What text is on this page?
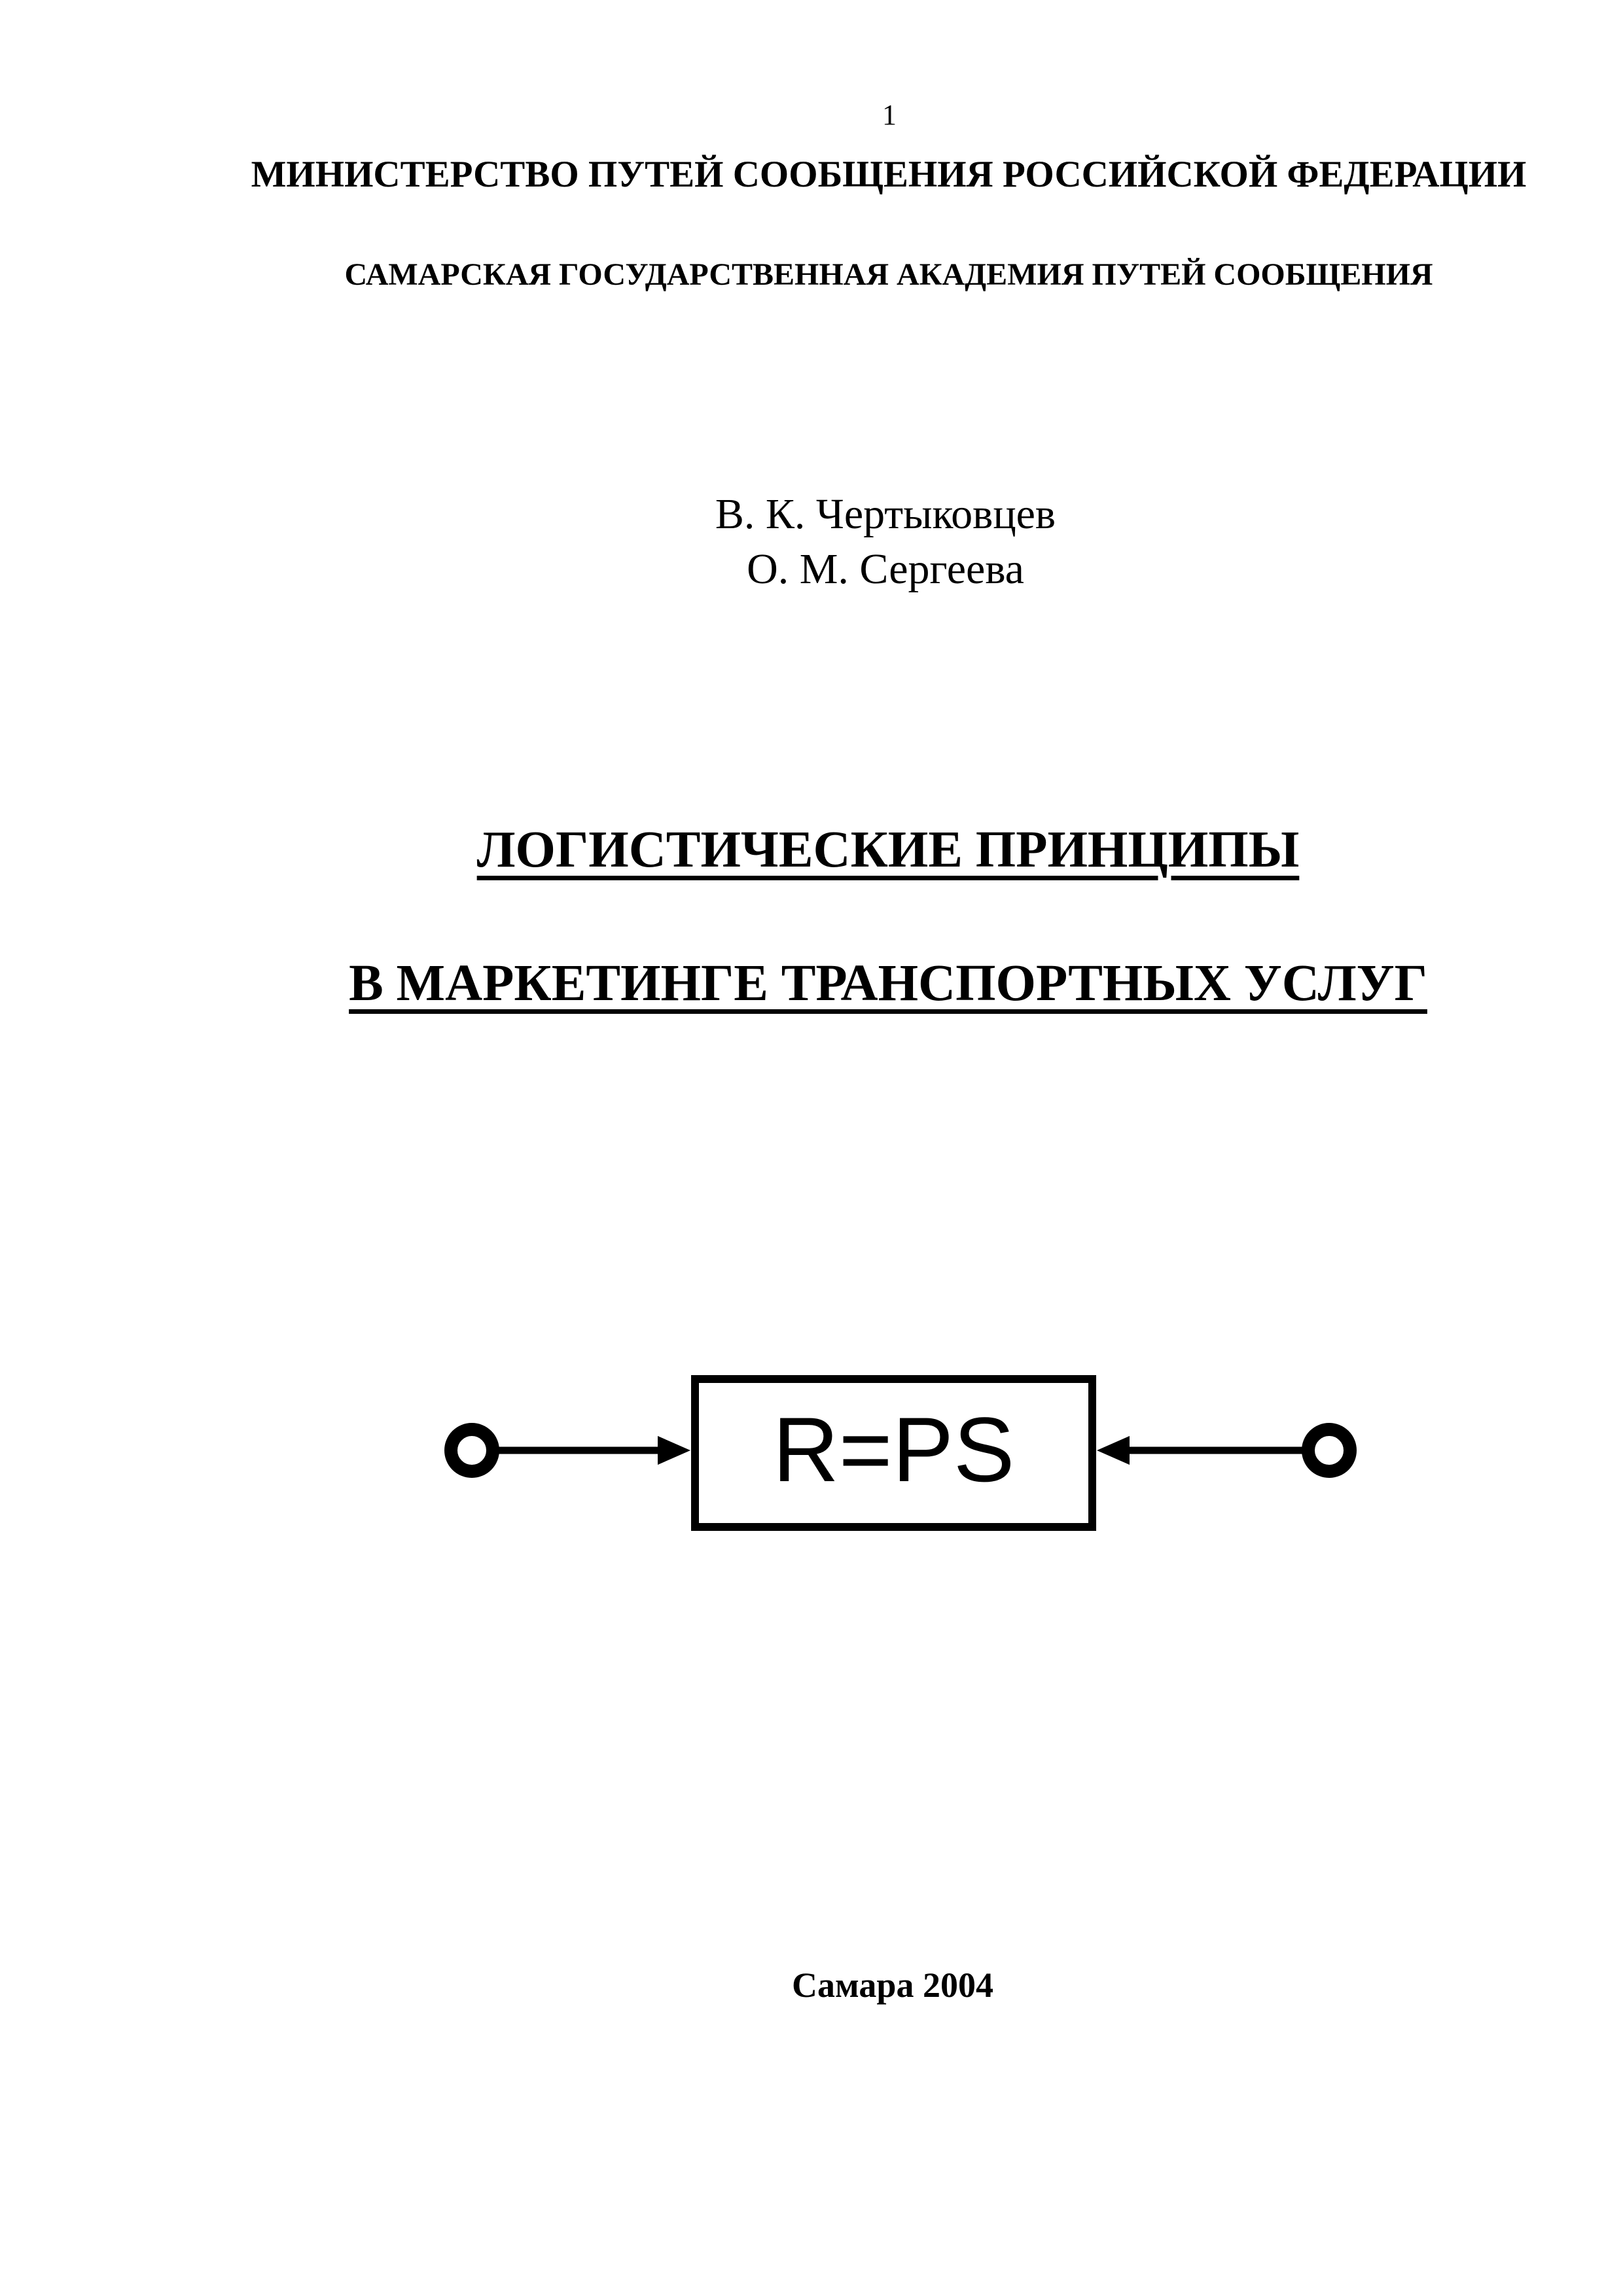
1
МИНИСТЕРСТВО ПУТЕЙ СООБЩЕНИЯ РОССИЙСКОЙ ФЕДЕРАЦИИ
САМАРСКАЯ ГОСУДАРСТВЕННАЯ АКАДЕМИЯ ПУТЕЙ СООБЩЕНИЯ
В. К. Чертыковцев
О. М. Сергеева
ЛОГИСТИЧЕСКИЕ ПРИНЦИПЫ
В МАРКЕТИНГЕ ТРАНСПОРТНЫХ УСЛУГ
R=PS
Самара 2004
